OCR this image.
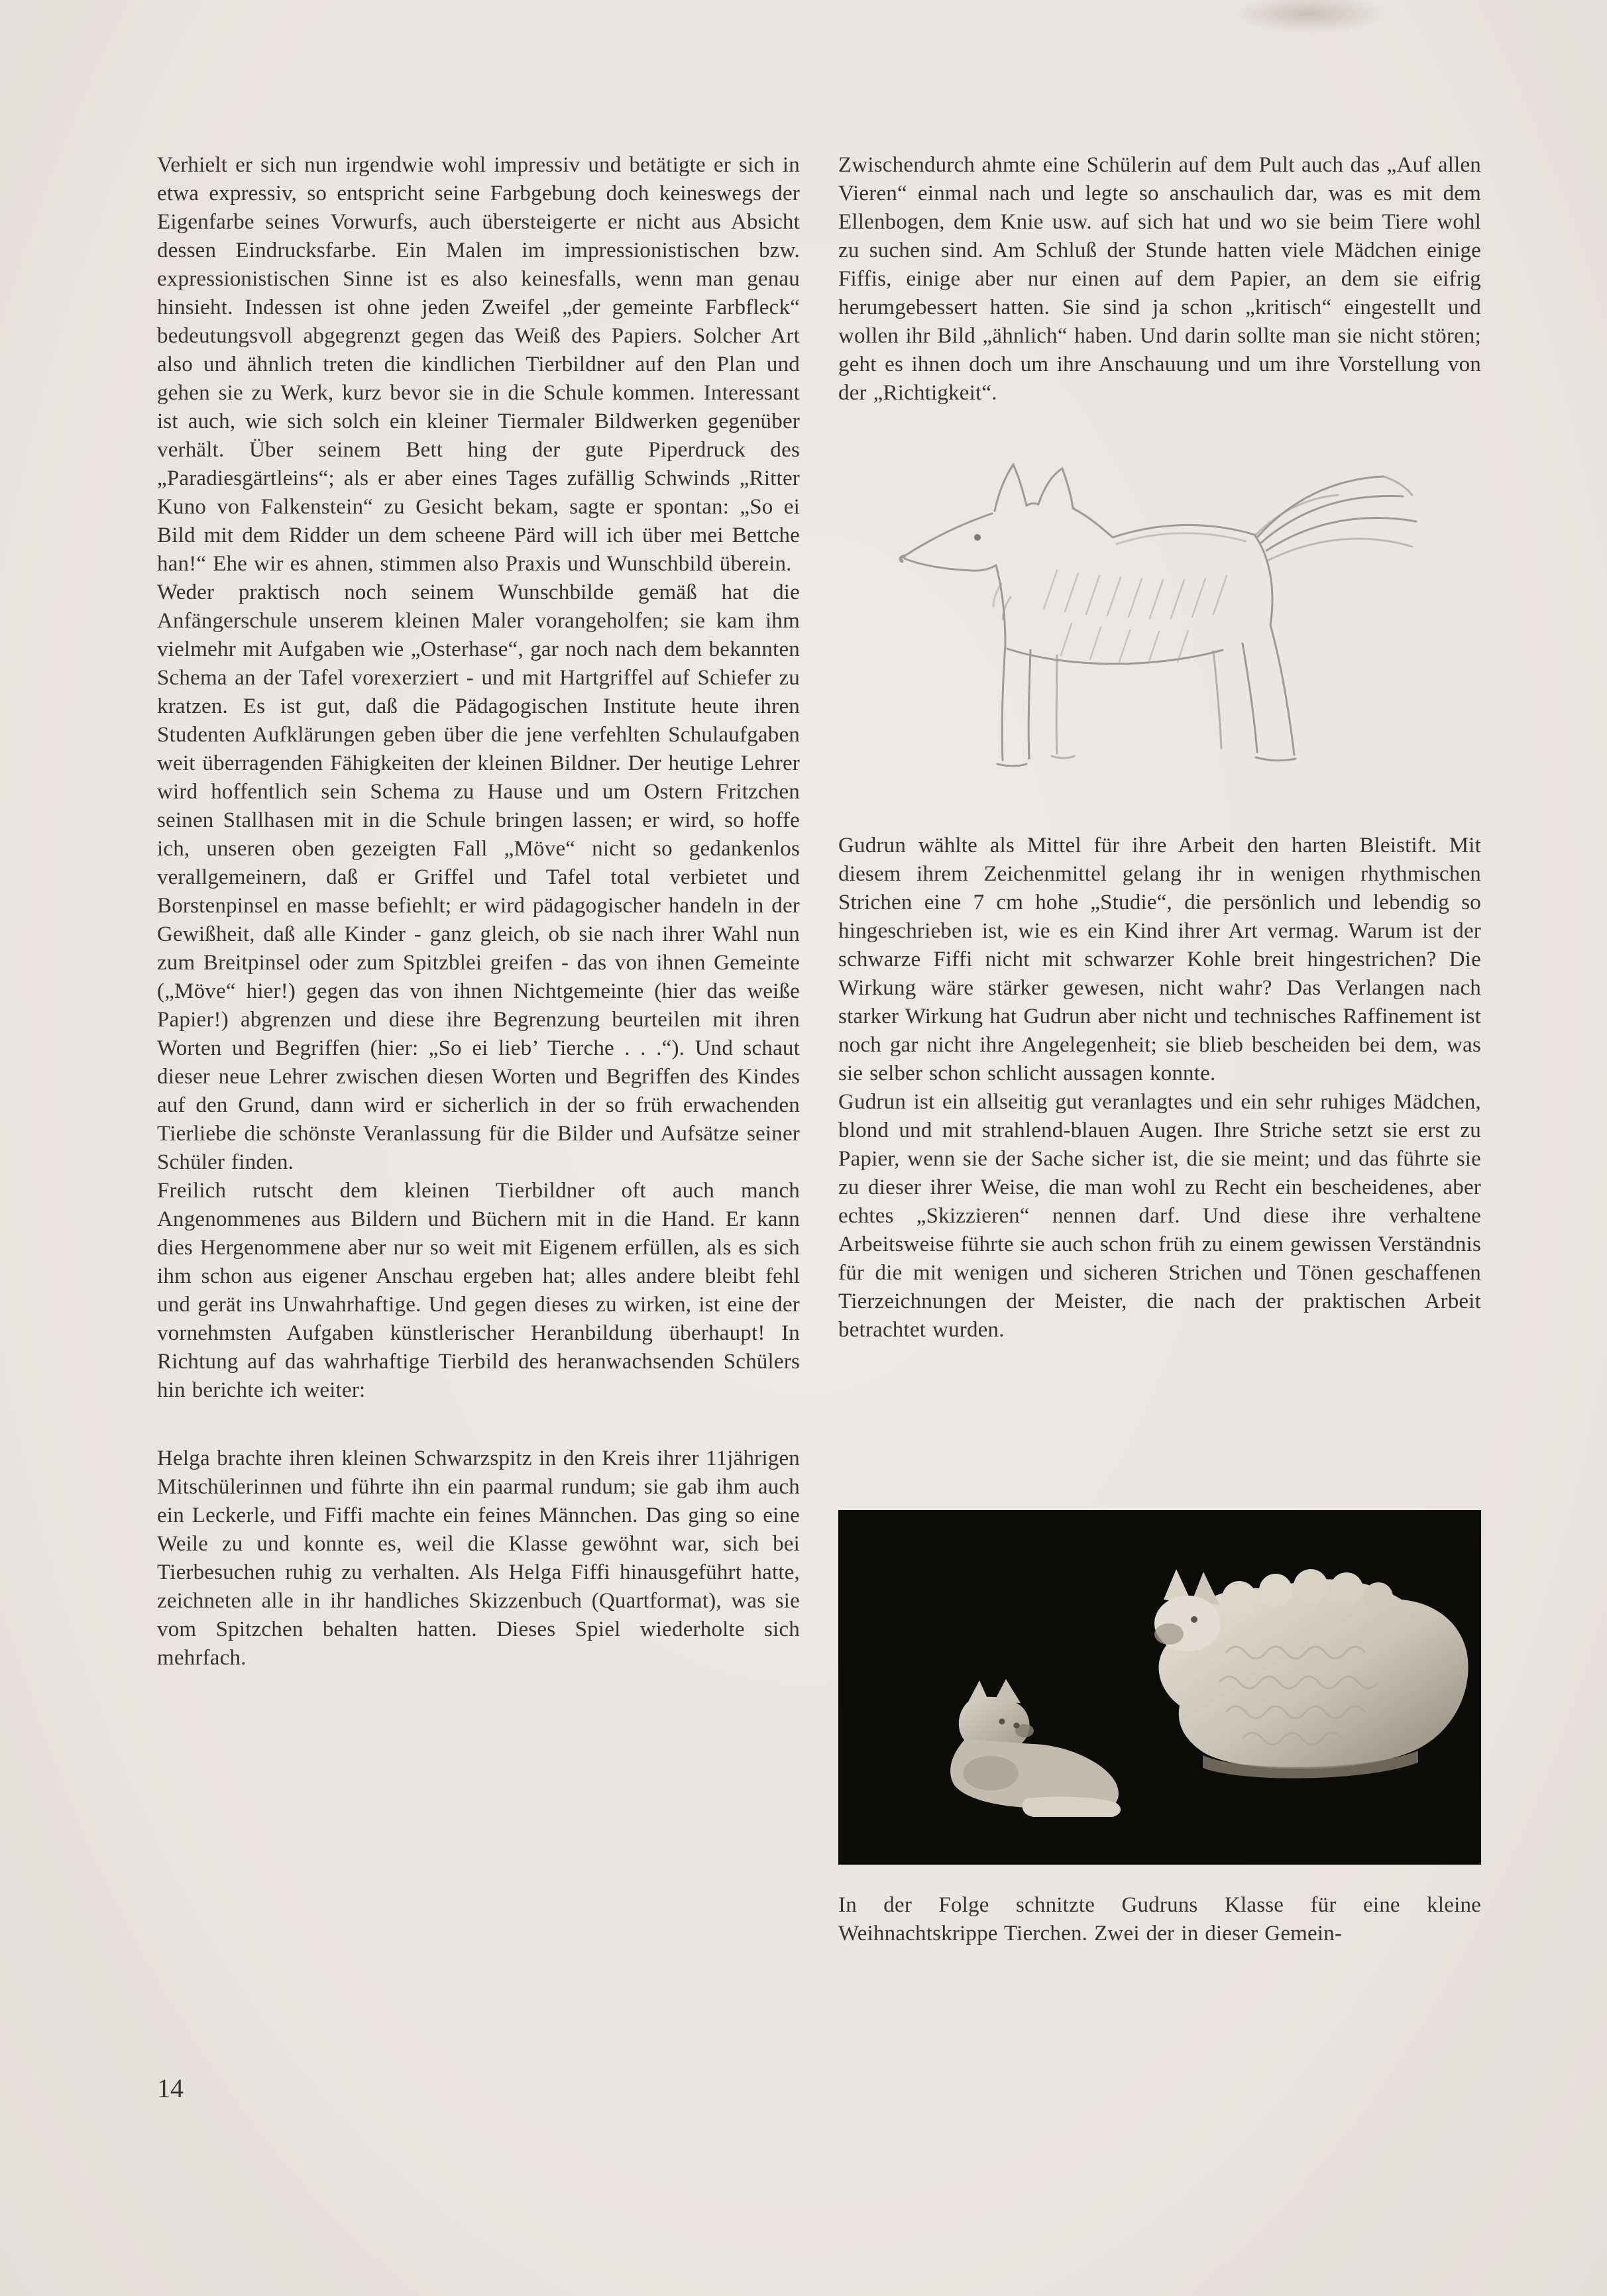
Verhielt er sich nun irgendwie wohl impressiv und betätigte er sich in etwa expressiv, so entspricht seine Farbgebung doch keineswegs der Eigenfarbe seines Vorwurfs, auch übersteigerte er nicht aus Absicht dessen Eindrucksfarbe. Ein Malen im impressionistischen bzw. expressionistischen Sinne ist es also keinesfalls, wenn man genau hinsieht. Indessen ist ohne jeden Zweifel „der gemeinte Farbfleck“ bedeutungsvoll abgegrenzt gegen das Weiß des Papiers. Solcher Art also und ähnlich treten die kindlichen Tierbildner auf den Plan und gehen sie zu Werk, kurz bevor sie in die Schule kommen. Interessant ist auch, wie sich solch ein kleiner Tiermaler Bildwerken gegenüber verhält. Über seinem Bett hing der gute Piperdruck des „Paradiesgärtleins“; als er aber eines Tages zufällig Schwinds „Ritter Kuno von Falkenstein“ zu Gesicht bekam, sagte er spontan: „So ei Bild mit dem Ridder un dem scheene Pärd will ich über mei Bettche han!“ Ehe wir es ahnen, stimmen also Praxis und Wunschbild überein.

Weder praktisch noch seinem Wunschbilde gemäß hat die Anfängerschule unserem kleinen Maler vorangeholfen; sie kam ihm vielmehr mit Aufgaben wie „Osterhase“, gar noch nach dem bekannten Schema an der Tafel vorexerziert - und mit Hartgriffel auf Schiefer zu kratzen. Es ist gut, daß die Pädagogischen Institute heute ihren Studenten Aufklärungen geben über die jene verfehlten Schulaufgaben weit überragenden Fähigkeiten der kleinen Bildner. Der heutige Lehrer wird hoffentlich sein Schema zu Hause und um Ostern Fritzchen seinen Stallhasen mit in die Schule bringen lassen; er wird, so hoffe ich, unseren oben gezeigten Fall „Möve“ nicht so gedankenlos verallgemeinern, daß er Griffel und Tafel total verbietet und Borstenpinsel en masse befiehlt; er wird pädagogischer handeln in der Gewißheit, daß alle Kinder - ganz gleich, ob sie nach ihrer Wahl nun zum Breitpinsel oder zum Spitzblei greifen - das von ihnen Gemeinte („Möve“ hier!) gegen das von ihnen Nichtgemeinte (hier das weiße Papier!) abgrenzen und diese ihre Begrenzung beurteilen mit ihren Worten und Begriffen (hier: „So ei lieb’ Tierche . . .“). Und schaut dieser neue Lehrer zwischen diesen Worten und Begriffen des Kindes auf den Grund, dann wird er sicherlich in der so früh erwachenden Tierliebe die schönste Veranlassung für die Bilder und Aufsätze seiner Schüler finden.

Freilich rutscht dem kleinen Tierbildner oft auch manch Angenommenes aus Bildern und Büchern mit in die Hand. Er kann dies Hergenommene aber nur so weit mit Eigenem erfüllen, als es sich ihm schon aus eigener Anschau ergeben hat; alles andere bleibt fehl und gerät ins Unwahrhaftige. Und gegen dieses zu wirken, ist eine der vornehmsten Aufgaben künstlerischer Heranbildung überhaupt! In Richtung auf das wahrhaftige Tierbild des heranwachsenden Schülers hin berichte ich weiter:

Helga brachte ihren kleinen Schwarzspitz in den Kreis ihrer 11jährigen Mitschülerinnen und führte ihn ein paarmal rundum; sie gab ihm auch ein Leckerle, und Fiffi machte ein feines Männchen. Das ging so eine Weile zu und konnte es, weil die Klasse gewöhnt war, sich bei Tierbesuchen ruhig zu verhalten. Als Helga Fiffi hinausgeführt hatte, zeichneten alle in ihr handliches Skizzenbuch (Quartformat), was sie vom Spitzchen behalten hatten. Dieses Spiel wiederholte sich mehrfach.

Zwischendurch ahmte eine Schülerin auf dem Pult auch das „Auf allen Vieren“ einmal nach und legte so anschaulich dar, was es mit dem Ellenbogen, dem Knie usw. auf sich hat und wo sie beim Tiere wohl zu suchen sind. Am Schluß der Stunde hatten viele Mädchen einige Fiffis, einige aber nur einen auf dem Papier, an dem sie eifrig herumgebessert hatten. Sie sind ja schon „kritisch“ eingestellt und wollen ihr Bild „ähnlich“ haben. Und darin sollte man sie nicht stören; geht es ihnen doch um ihre Anschauung und um ihre Vorstellung von der „Richtigkeit“.

Gudrun wählte als Mittel für ihre Arbeit den harten Bleistift. Mit diesem ihrem Zeichenmittel gelang ihr in wenigen rhythmischen Strichen eine 7 cm hohe „Studie“, die persönlich und lebendig so hingeschrieben ist, wie es ein Kind ihrer Art vermag. Warum ist der schwarze Fiffi nicht mit schwarzer Kohle breit hingestrichen? Die Wirkung wäre stärker gewesen, nicht wahr? Das Verlangen nach starker Wirkung hat Gudrun aber nicht und technisches Raffinement ist noch gar nicht ihre Angelegenheit; sie blieb bescheiden bei dem, was sie selber schon schlicht aussagen konnte.

Gudrun ist ein allseitig gut veranlagtes und ein sehr ruhiges Mädchen, blond und mit strahlend-blauen Augen. Ihre Striche setzt sie erst zu Papier, wenn sie der Sache sicher ist, die sie meint; und das führte sie zu dieser ihrer Weise, die man wohl zu Recht ein bescheidenes, aber echtes „Skizzieren“ nennen darf. Und diese ihre verhaltene Arbeitsweise führte sie auch schon früh zu einem gewissen Verständnis für die mit wenigen und sicheren Strichen und Tönen geschaffenen Tierzeichnungen der Meister, die nach der praktischen Arbeit betrachtet wurden.

In der Folge schnitzte Gudruns Klasse für eine kleine Weihnachtskrippe Tierchen. Zwei der in dieser Gemein-

14
